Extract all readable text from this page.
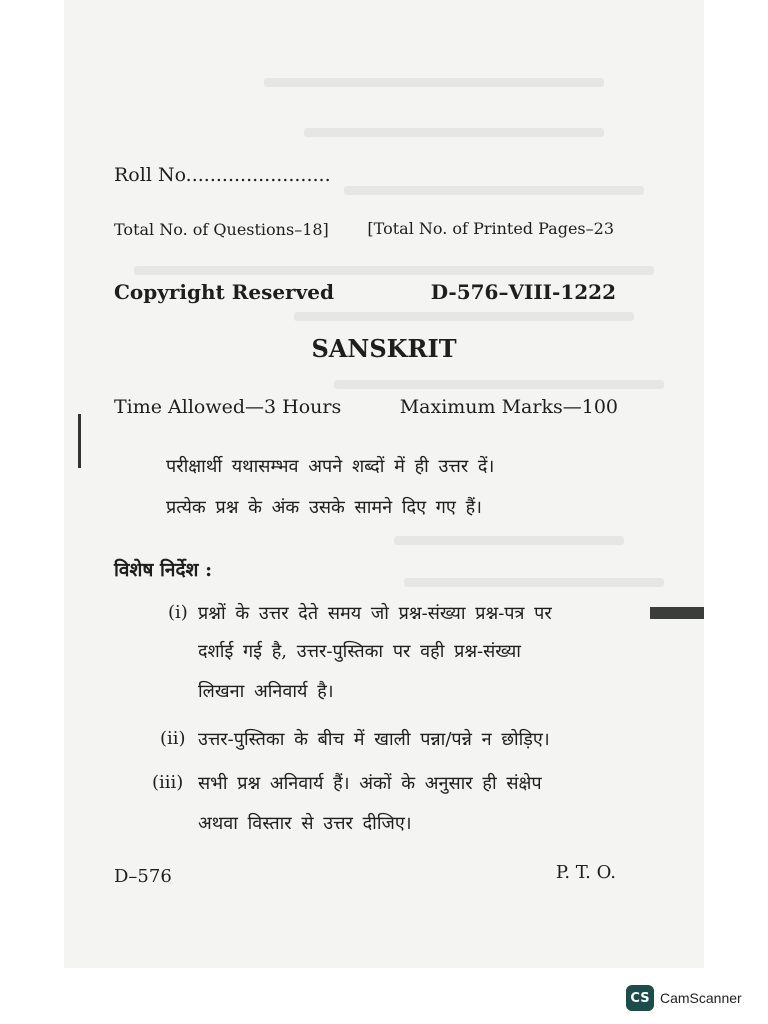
Roll No........................
Total No. of Questions–18] [Total No. of Printed Pages–23
Copyright Reserved	D-576–VIII-1222
SANSKRIT
Time Allowed—3 Hours	Maximum Marks—100
परीक्षार्थी यथासम्भव अपने शब्दों में ही उत्तर दें।
प्रत्येक प्रश्न के अंक उसके सामने दिए गए हैं।
विशेष निर्देश :
(i) प्रश्नों के उत्तर देते समय जो प्रश्न-संख्या प्रश्न-पत्र पर
दर्शाई गई है, उत्तर-पुस्तिका पर वही प्रश्न-संख्या
लिखना अनिवार्य है।
(ii) उत्तर-पुस्तिका के बीच में खाली पन्ना/पन्ने न छोड़िए।
(iii) सभी प्रश्न अनिवार्य हैं। अंकों के अनुसार ही संक्षेप
अथवा विस्तार से उत्तर दीजिए।
D–576	P. T. O.
CS CamScanner
